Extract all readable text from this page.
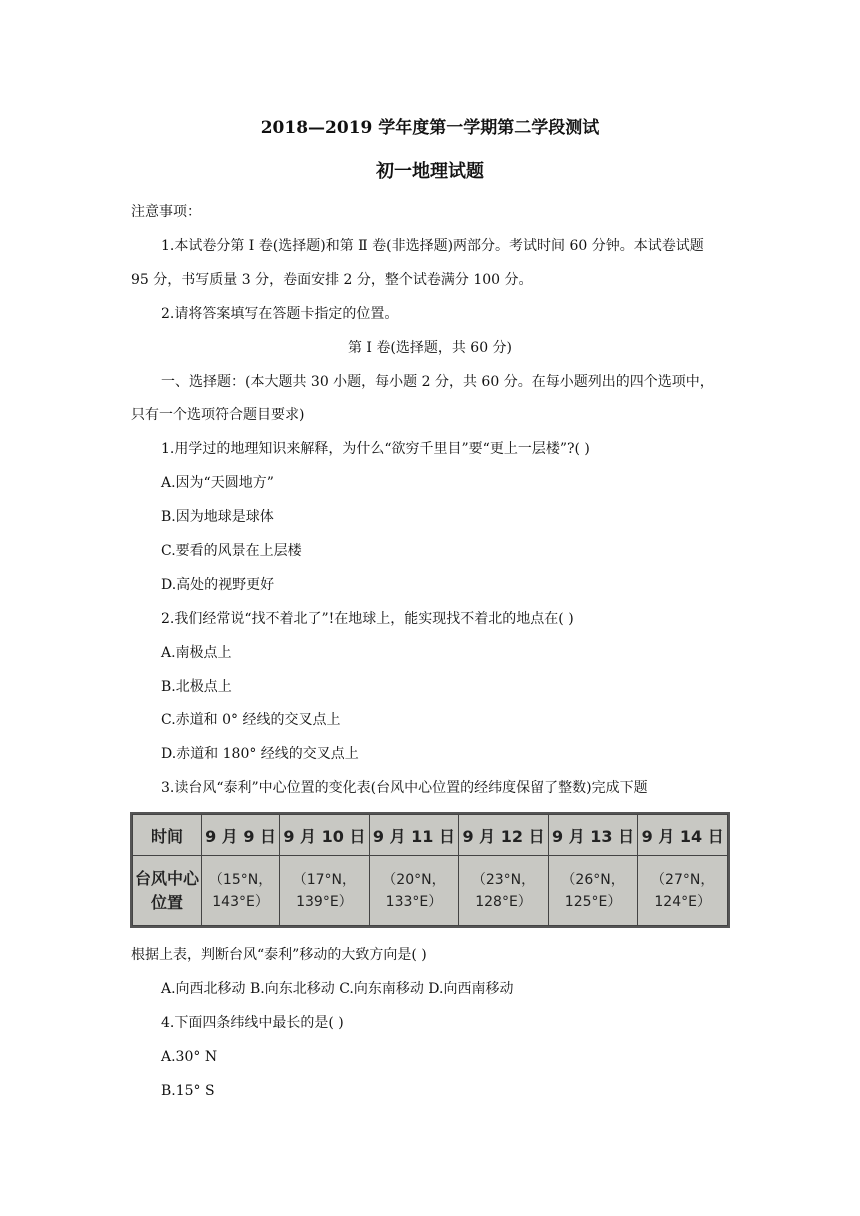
2018—2019 学年度第一学期第二学段测试
初一地理试题
注意事项：
1.本试卷分第 I 卷(选择题)和第 Ⅱ 卷(非选择题)两部分。考试时间 60 分钟。本试卷试题
95 分，书写质量 3 分，卷面安排 2 分，整个试卷满分 100 分。
2.请将答案填写在答题卡指定的位置。
第 I 卷(选择题，共 60 分)
一、选择题：(本大题共 30 小题，每小题 2 分，共 60 分。在每小题列出的四个选项中，
只有一个选项符合题目要求)
1.用学过的地理知识来解释，为什么“欲穷千里目”要“更上一层楼”?( )
A.因为“天圆地方”
B.因为地球是球体
C.要看的风景在上层楼
D.高处的视野更好
2.我们经常说“找不着北了”!在地球上，能实现找不着北的地点在( )
A.南极点上
B.北极点上
C.赤道和 0° 经线的交叉点上
D.赤道和 180° 经线的交叉点上
3.读台风“泰利”中心位置的变化表(台风中心位置的经纬度保留了整数)完成下题
时间	9 月 9 日	9 月 10 日	9 月 11 日	9 月 12 日	9 月 13 日	9 月 14 日
台风中心位置	（15°N，
143°E）	（17°N，
139°E）	（20°N，
133°E）	（23°N，
128°E）	（26°N，
125°E）	（27°N，
124°E）
根据上表，判断台风“泰利”移动的大致方向是( )
A.向西北移动 B.向东北移动 C.向东南移动 D.向西南移动
4.下面四条纬线中最长的是( )
A.30° N
B.15° S
